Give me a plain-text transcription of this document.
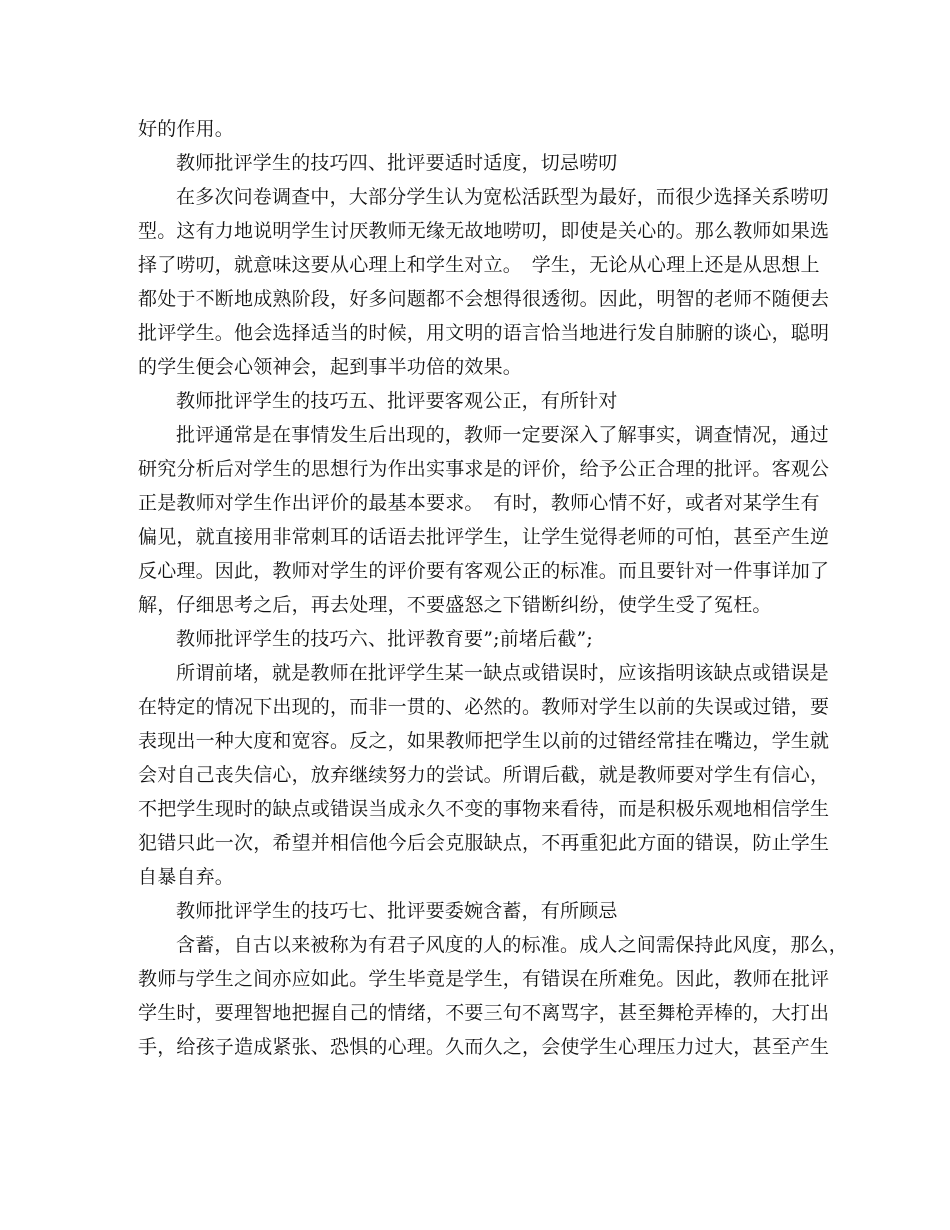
好的作用。
教师批评学生的技巧四、批评要适时适度，切忌唠叨
在多次问卷调查中，大部分学生认为宽松活跃型为最好，而很少选择关系唠叨
型。这有力地说明学生讨厌教师无缘无故地唠叨，即使是关心的。那么教师如果选
择了唠叨，就意味这要从心理上和学生对立。　学生，无论从心理上还是从思想上
都处于不断地成熟阶段，好多问题都不会想得很透彻。因此，明智的老师不随便去
批评学生。他会选择适当的时候，用文明的语言恰当地进行发自肺腑的谈心，聪明
的学生便会心领神会，起到事半功倍的效果。
教师批评学生的技巧五、批评要客观公正，有所针对
批评通常是在事情发生后出现的，教师一定要深入了解事实，调查情况，通过
研究分析后对学生的思想行为作出实事求是的评价，给予公正合理的批评。客观公
正是教师对学生作出评价的最基本要求。　有时，教师心情不好，或者对某学生有
偏见，就直接用非常刺耳的话语去批评学生，让学生觉得老师的可怕，甚至产生逆
反心理。因此，教师对学生的评价要有客观公正的标准。而且要针对一件事详加了
解，仔细思考之后，再去处理，不要盛怒之下错断纠纷，使学生受了冤枉。
教师批评学生的技巧六、批评教育要”;前堵后截”;
所谓前堵，就是教师在批评学生某一缺点或错误时，应该指明该缺点或错误是
在特定的情况下出现的，而非一贯的、必然的。教师对学生以前的失误或过错，要
表现出一种大度和宽容。反之，如果教师把学生以前的过错经常挂在嘴边，学生就
会对自己丧失信心，放弃继续努力的尝试。所谓后截，就是教师要对学生有信心，
不把学生现时的缺点或错误当成永久不变的事物来看待，而是积极乐观地相信学生
犯错只此一次，希望并相信他今后会克服缺点，不再重犯此方面的错误，防止学生
自暴自弃。
教师批评学生的技巧七、批评要委婉含蓄，有所顾忌
含蓄，自古以来被称为有君子风度的人的标准。成人之间需保持此风度，那么，
教师与学生之间亦应如此。学生毕竟是学生，有错误在所难免。因此，教师在批评
学生时，要理智地把握自己的情绪，不要三句不离骂字，甚至舞枪弄棒的，大打出
手，给孩子造成紧张、恐惧的心理。久而久之，会使学生心理压力过大，甚至产生
